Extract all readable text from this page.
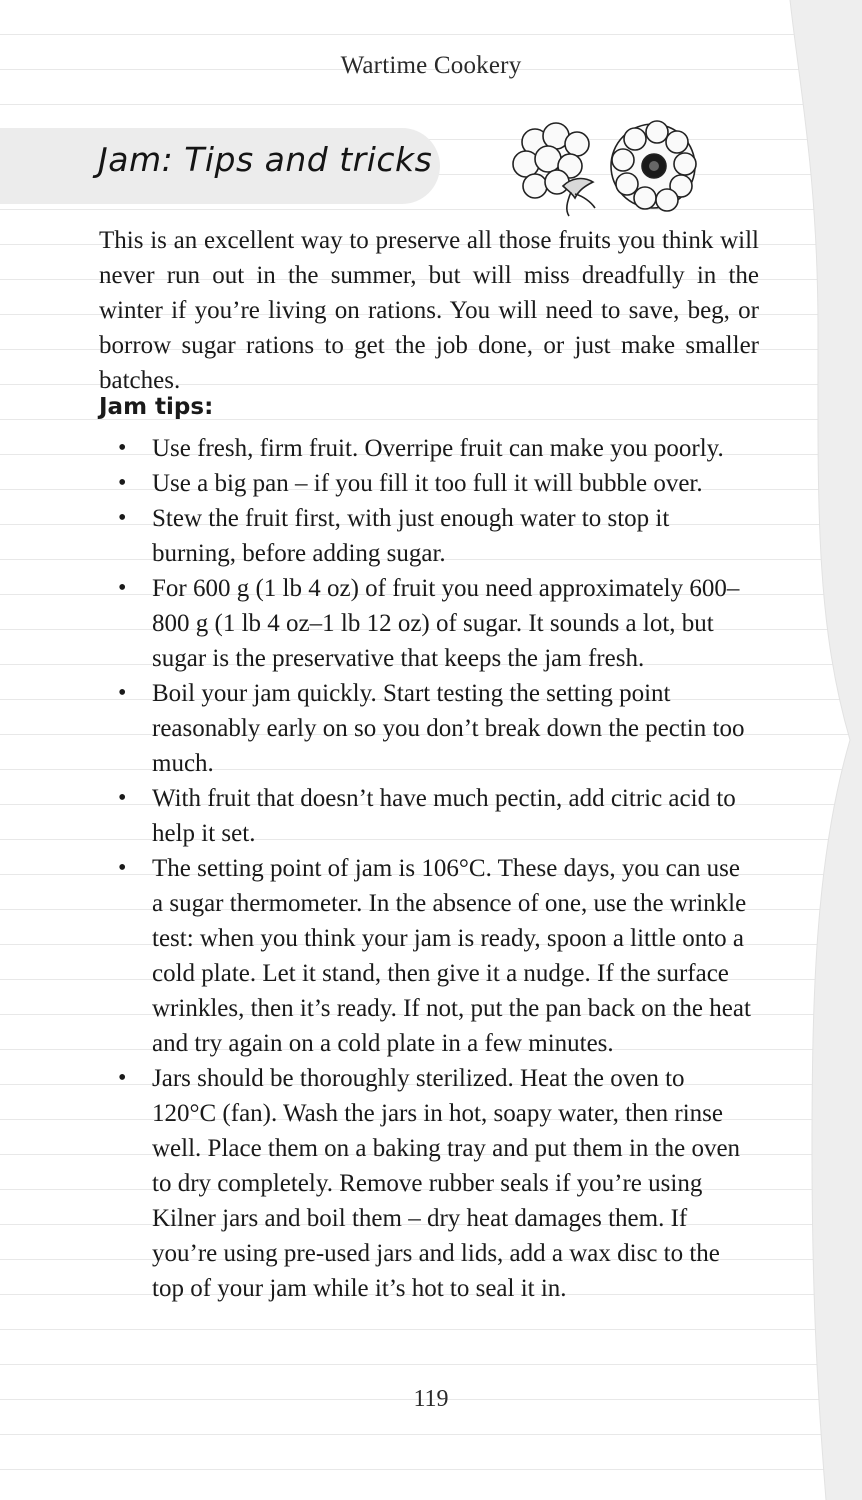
Wartime Cookery
Jam: Tips and tricks

This is an excellent way to preserve all those fruits you think will never run out in the summer, but will miss dreadfully in the winter if you’re living on rations. You will need to save, beg, or borrow sugar rations to get the job done, or just make smaller batches.

Jam tips:
• Use fresh, firm fruit. Overripe fruit can make you poorly.
• Use a big pan – if you fill it too full it will bubble over.
• Stew the fruit first, with just enough water to stop it burning, before adding sugar.
• For 600 g (1 lb 4 oz) of fruit you need approximately 600–800 g (1 lb 4 oz–1 lb 12 oz) of sugar. It sounds a lot, but sugar is the preservative that keeps the jam fresh.
• Boil your jam quickly. Start testing the setting point reasonably early on so you don’t break down the pectin too much.
• With fruit that doesn’t have much pectin, add citric acid to help it set.
• The setting point of jam is 106°C. These days, you can use a sugar thermometer. In the absence of one, use the wrinkle test: when you think your jam is ready, spoon a little onto a cold plate. Let it stand, then give it a nudge. If the surface wrinkles, then it’s ready. If not, put the pan back on the heat and try again on a cold plate in a few minutes.
• Jars should be thoroughly sterilized. Heat the oven to 120°C (fan). Wash the jars in hot, soapy water, then rinse well. Place them on a baking tray and put them in the oven to dry completely. Remove rubber seals if you’re using Kilner jars and boil them – dry heat damages them. If you’re using pre-used jars and lids, add a wax disc to the top of your jam while it’s hot to seal it in.
119
